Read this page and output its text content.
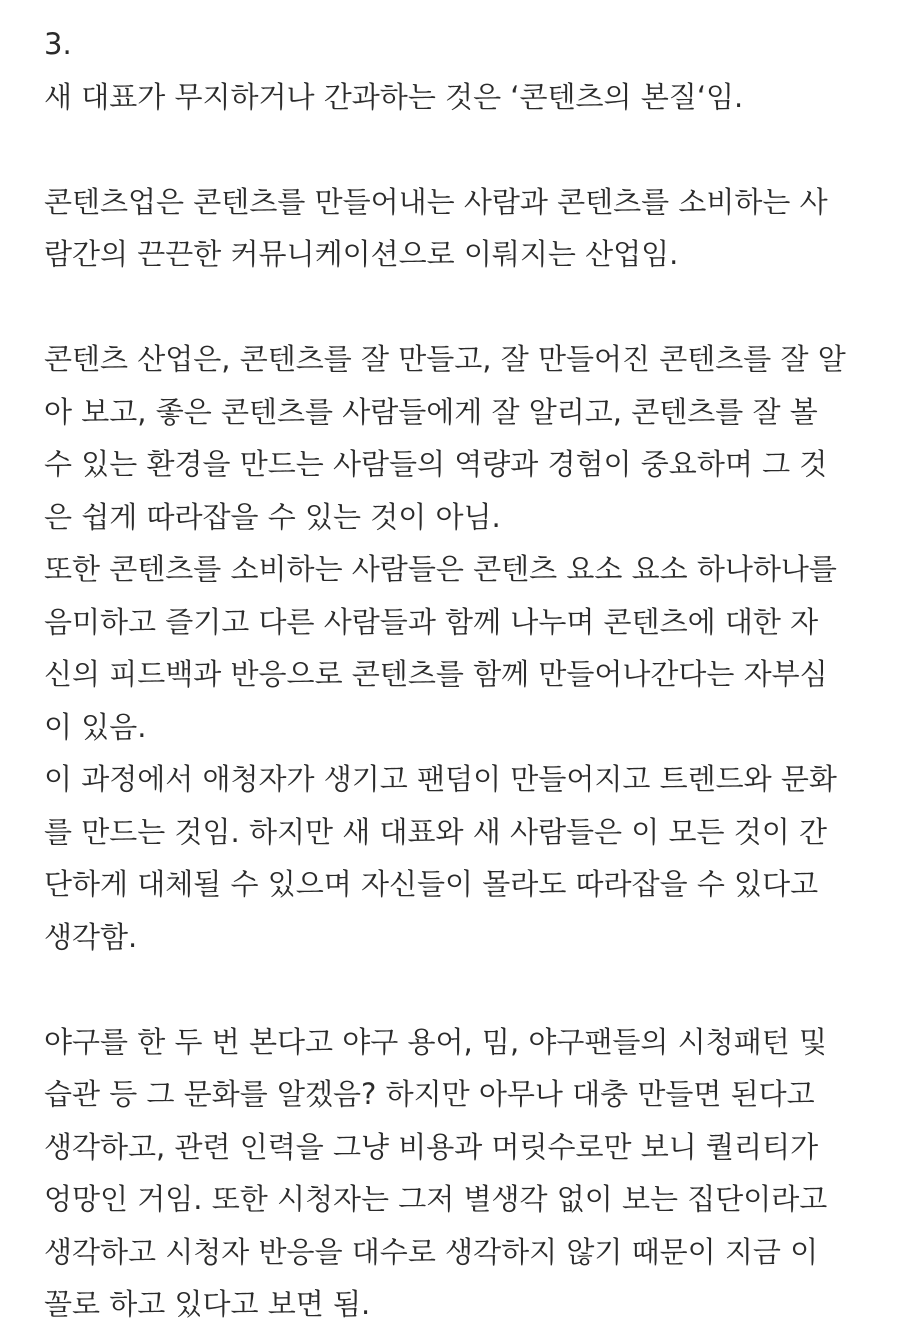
3.
새 대표가 무지하거나 간과하는 것은 ‘콘텐츠의 본질‘임.
콘텐츠업은 콘텐츠를 만들어내는 사람과 콘텐츠를 소비하는 사
람간의 끈끈한 커뮤니케이션으로 이뤄지는 산업임.
콘텐츠 산업은, 콘텐츠를 잘 만들고, 잘 만들어진 콘텐츠를 잘 알
아 보고, 좋은 콘텐츠를 사람들에게 잘 알리고, 콘텐츠를 잘 볼
수 있는 환경을 만드는 사람들의 역량과 경험이 중요하며 그 것
은 쉽게 따라잡을 수 있는 것이 아님.
또한 콘텐츠를 소비하는 사람들은 콘텐츠 요소 요소 하나하나를
음미하고 즐기고 다른 사람들과 함께 나누며 콘텐츠에 대한 자
신의 피드백과 반응으로 콘텐츠를 함께 만들어나간다는 자부심
이 있음.
이 과정에서 애청자가 생기고 팬덤이 만들어지고 트렌드와 문화
를 만드는 것임. 하지만 새 대표와 새 사람들은 이 모든 것이 간
단하게 대체될 수 있으며 자신들이 몰라도 따라잡을 수 있다고
생각함.
야구를 한 두 번 본다고 야구 용어, 밈, 야구팬들의 시청패턴 및
습관 등 그 문화를 알겠음? 하지만 아무나 대충 만들면 된다고
생각하고, 관련 인력을 그냥 비용과 머릿수로만 보니 퀄리티가
엉망인 거임. 또한 시청자는 그저 별생각 없이 보는 집단이라고
생각하고 시청자 반응을 대수로 생각하지 않기 때문이 지금 이
꼴로 하고 있다고 보면 됨.
